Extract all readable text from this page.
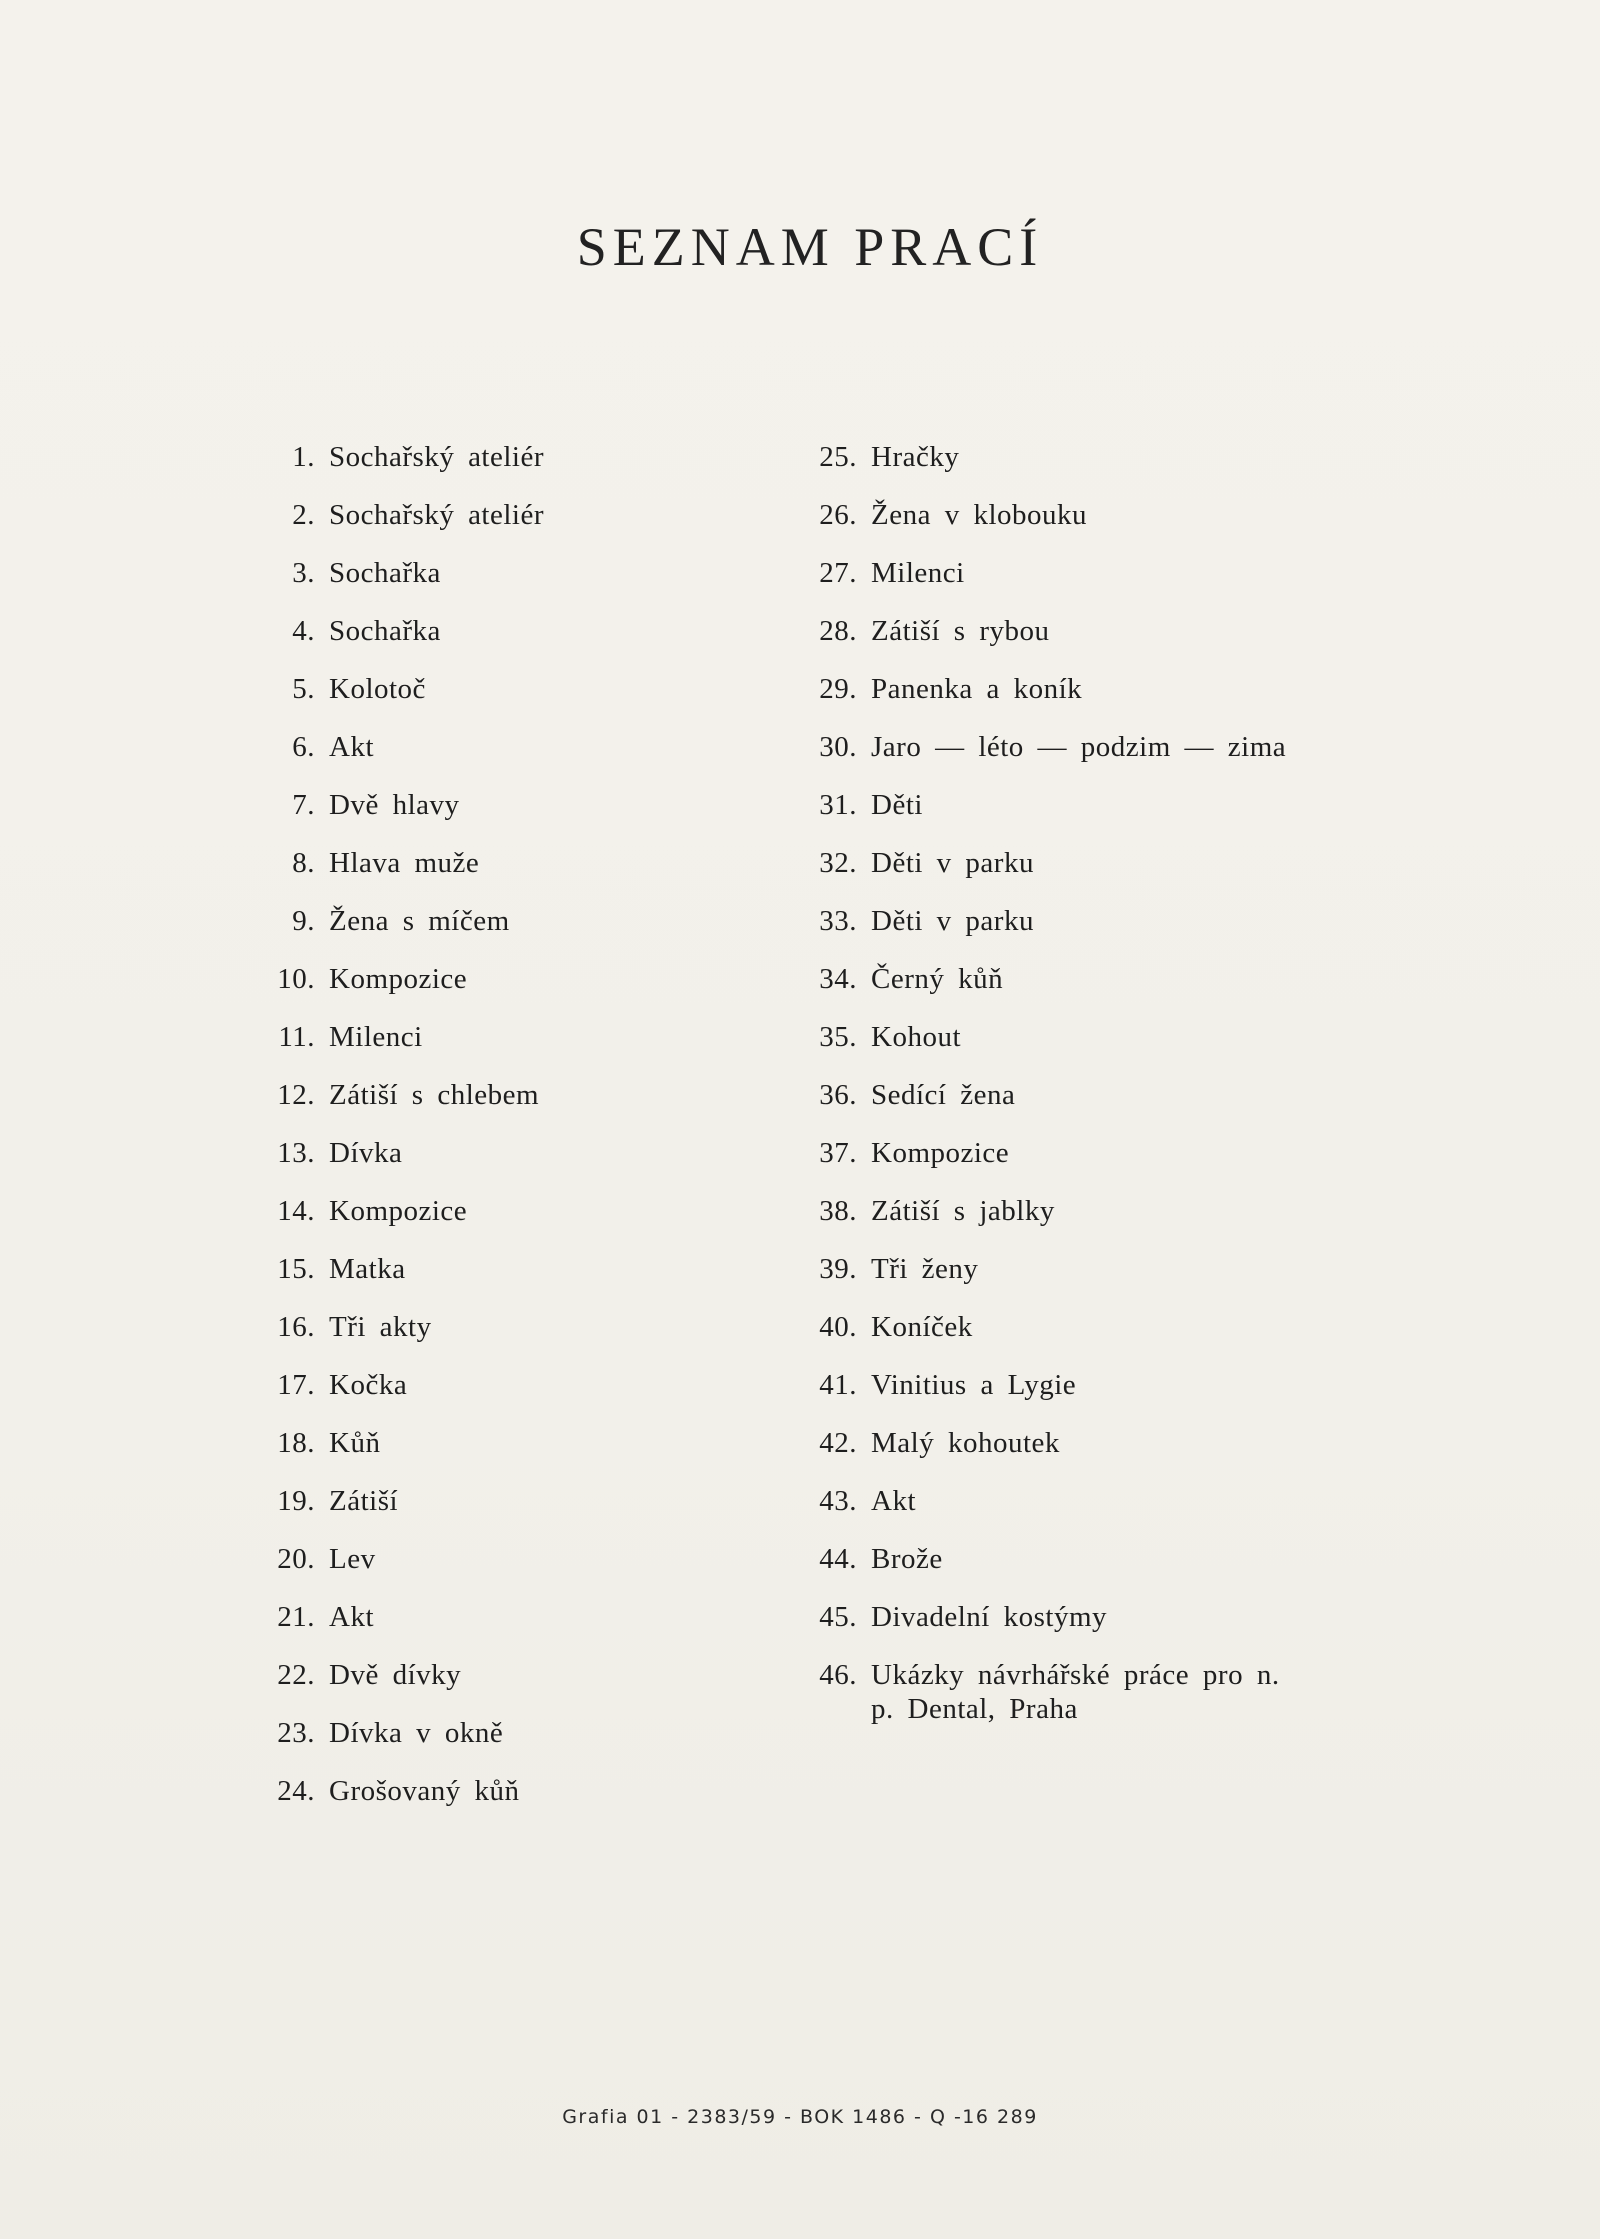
SEZNAM PRACÍ
1. Sochařský ateliér
2. Sochařský ateliér
3. Sochařka
4. Sochařka
5. Kolotoč
6. Akt
7. Dvě hlavy
8. Hlava muže
9. Žena s míčem
10. Kompozice
11. Milenci
12. Zátiší s chlebem
13. Dívka
14. Kompozice
15. Matka
16. Tři akty
17. Kočka
18. Kůň
19. Zátiší
20. Lev
21. Akt
22. Dvě dívky
23. Dívka v okně
24. Grošovaný kůň
25. Hračky
26. Žena v klobouku
27. Milenci
28. Zátiší s rybou
29. Panenka a koník
30. Jaro — léto — podzim — zima
31. Děti
32. Děti v parku
33. Děti v parku
34. Černý kůň
35. Kohout
36. Sedící žena
37. Kompozice
38. Zátiší s jablky
39. Tři ženy
40. Koníček
41. Vinitius a Lygie
42. Malý kohoutek
43. Akt
44. Brože
45. Divadelní kostýmy
46. Ukázky návrhářské práce pro n. p. Dental, Praha
Grafia 01 - 2383/59 - BOK 1486 - Q -16 289
